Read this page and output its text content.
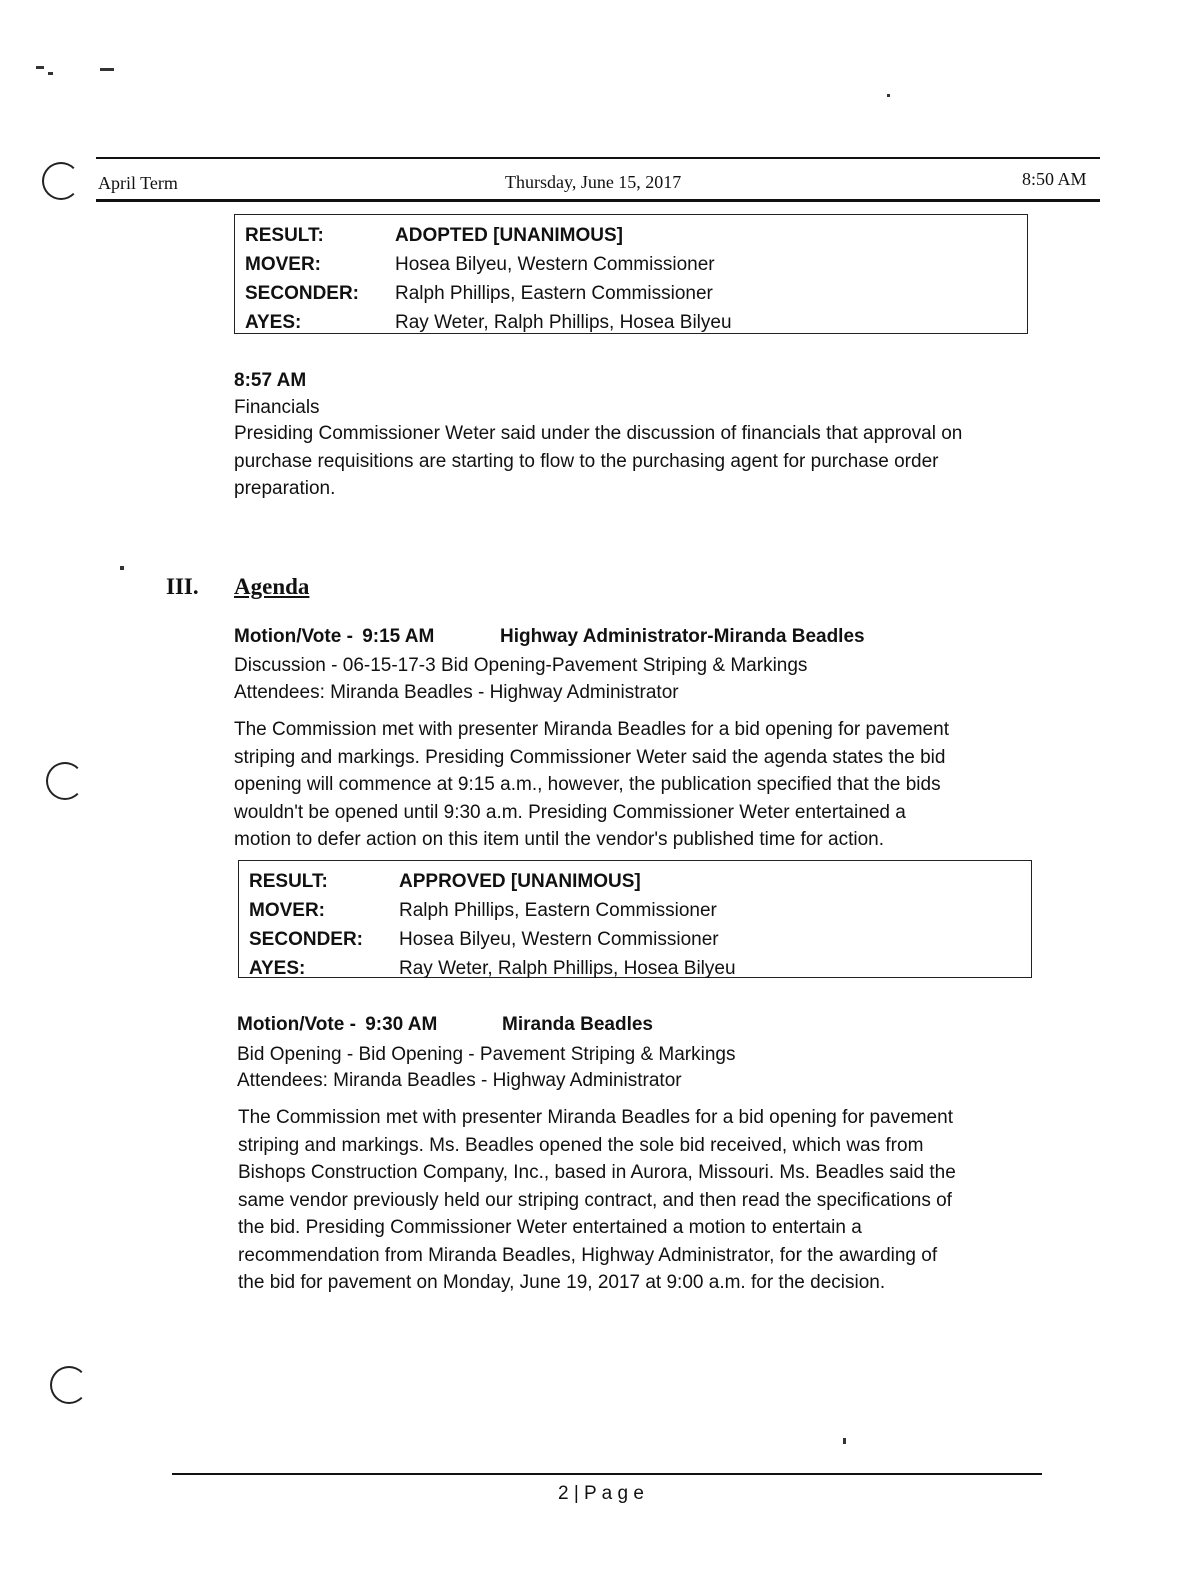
April Term	Thursday, June 15, 2017	8:50 AM
RESULT:	ADOPTED [UNANIMOUS]
MOVER:	Hosea Bilyeu, Western Commissioner
SECONDER:	Ralph Phillips, Eastern Commissioner
AYES:	Ray Weter, Ralph Phillips, Hosea Bilyeu
8:57 AM
Financials
Presiding Commissioner Weter said under the discussion of financials that approval on
purchase requisitions are starting to flow to the purchasing agent for purchase order
preparation.
III. Agenda
Motion/Vote - 9:15 AM	Highway Administrator-Miranda Beadles
Discussion - 06-15-17-3 Bid Opening-Pavement Striping & Markings
Attendees: Miranda Beadles - Highway Administrator
The Commission met with presenter Miranda Beadles for a bid opening for pavement
striping and markings. Presiding Commissioner Weter said the agenda states the bid
opening will commence at 9:15 a.m., however, the publication specified that the bids
wouldn't be opened until 9:30 a.m. Presiding Commissioner Weter entertained a
motion to defer action on this item until the vendor's published time for action.
RESULT:	APPROVED [UNANIMOUS]
MOVER:	Ralph Phillips, Eastern Commissioner
SECONDER:	Hosea Bilyeu, Western Commissioner
AYES:	Ray Weter, Ralph Phillips, Hosea Bilyeu
Motion/Vote - 9:30 AM	Miranda Beadles
Bid Opening - Bid Opening - Pavement Striping & Markings
Attendees: Miranda Beadles - Highway Administrator
The Commission met with presenter Miranda Beadles for a bid opening for pavement
striping and markings. Ms. Beadles opened the sole bid received, which was from
Bishops Construction Company, Inc., based in Aurora, Missouri. Ms. Beadles said the
same vendor previously held our striping contract, and then read the specifications of
the bid. Presiding Commissioner Weter entertained a motion to entertain a
recommendation from Miranda Beadles, Highway Administrator, for the awarding of
the bid for pavement on Monday, June 19, 2017 at 9:00 a.m. for the decision.
2 | P a g e
